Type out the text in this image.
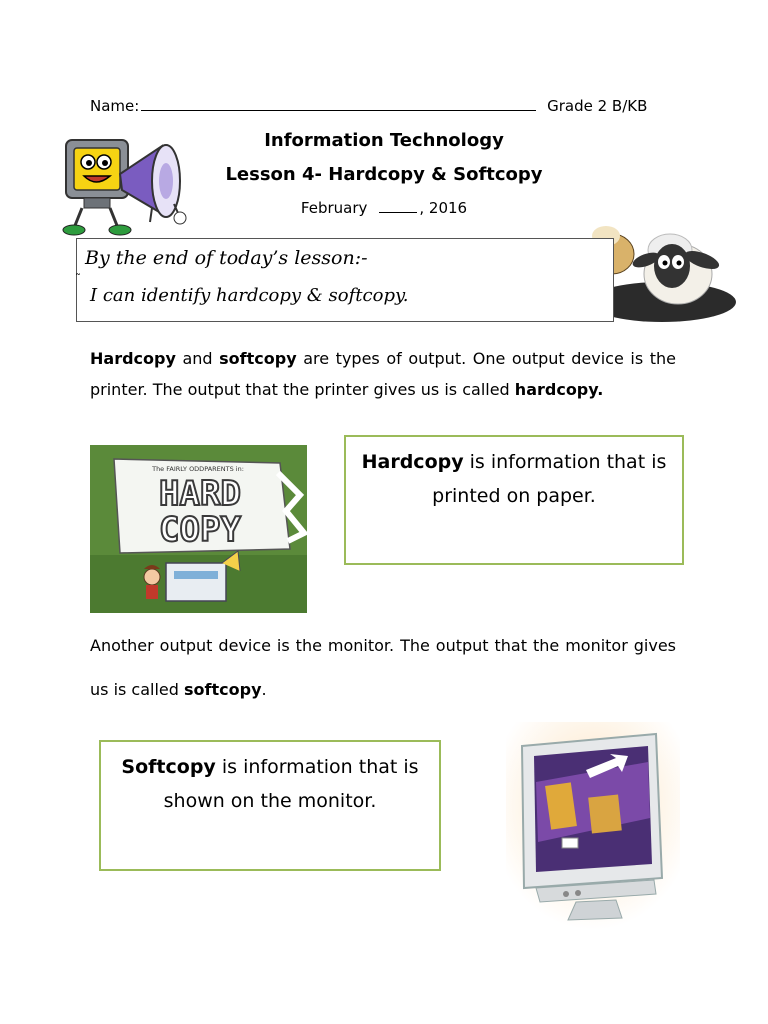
Name:	Grade 2 B/KB
Information Technology
Lesson 4- Hardcopy & Softcopy
February	, 2016
By the end of today’s lesson:-
˜
I can identify hardcopy & softcopy.
Hardcopy and softcopy are types of output. One output device is the printer. The output that the printer gives us is called hardcopy.
The FAIRLY ODDPARENTS in:
HARD
COPY
Hardcopy is information that is printed on paper.
Another output device is the monitor. The output that the monitor gives us is called softcopy.
Softcopy is information that is shown on the monitor.
